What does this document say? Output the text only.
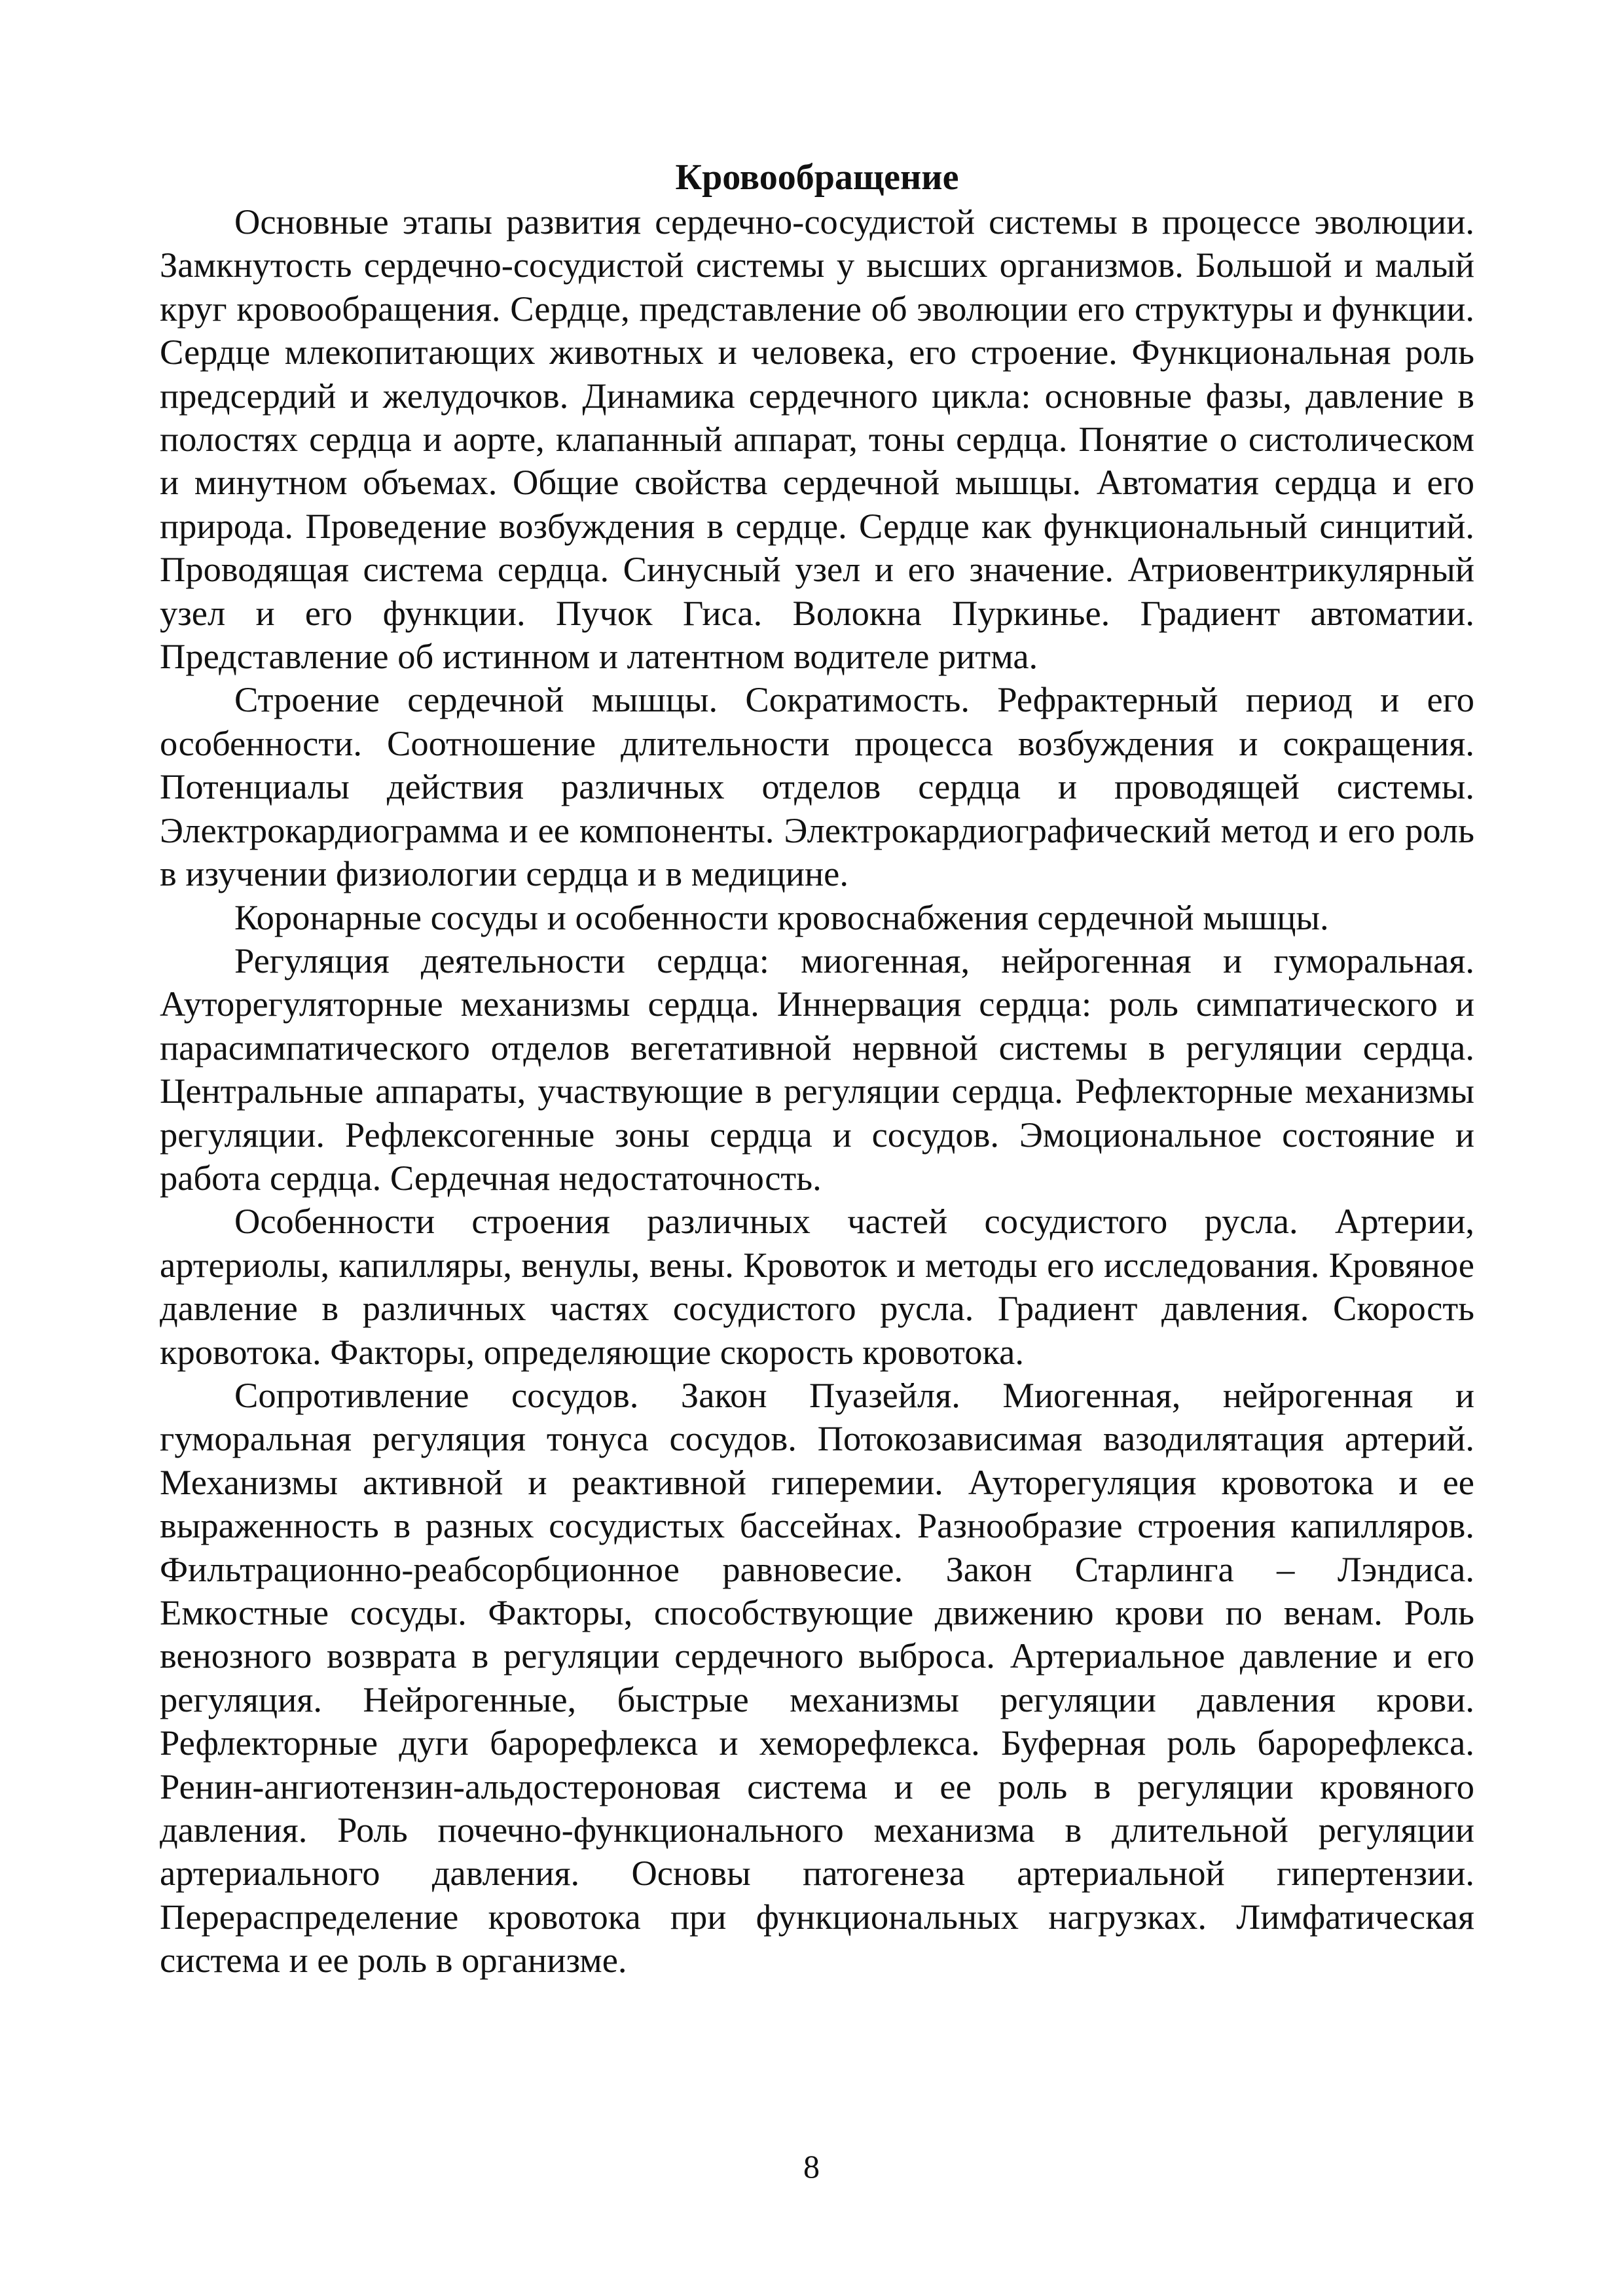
Кровообращение

Основные этапы развития сердечно-сосудистой системы в процессе эволюции. Замкнутость сердечно-сосудистой системы у высших организмов. Большой и малый круг кровообращения. Сердце, представление об эволюции его структуры и функции. Сердце млекопитающих животных и человека, его строение. Функциональная роль предсердий и желудочков. Динамика сердечного цикла: основные фазы, давление в полостях сердца и аорте, клапанный аппарат, тоны сердца. Понятие о систолическом и минутном объемах. Общие свойства сердечной мышцы. Автоматия сердца и его природа. Проведение возбуждения в сердце. Сердце как функциональный синцитий. Проводящая система сердца. Синусный узел и его значение. Атриовентрикулярный узел и его функции. Пучок Гиса. Волокна Пуркинье. Градиент автоматии. Представление об истинном и латентном водителе ритма.

Строение сердечной мышцы. Сократимость. Рефрактерный период и его особенности. Соотношение длительности процесса возбуждения и сокращения. Потенциалы действия различных отделов сердца и проводящей системы. Электрокардиограмма и ее компоненты. Электрокардиографический метод и его роль в изучении физиологии сердца и в медицине.

Коронарные сосуды и особенности кровоснабжения сердечной мышцы.

Регуляция деятельности сердца: миогенная, нейрогенная и гуморальная. Ауторегуляторные механизмы сердца. Иннервация сердца: роль симпатического и парасимпатического отделов вегетативной нервной системы в регуляции сердца. Центральные аппараты, участвующие в регуляции сердца. Рефлекторные механизмы регуляции. Рефлексогенные зоны сердца и сосудов. Эмоциональное состояние и работа сердца. Сердечная недостаточность.

Особенности строения различных частей сосудистого русла. Артерии, артериолы, капилляры, венулы, вены. Кровоток и методы его исследования. Кровяное давление в различных частях сосудистого русла. Градиент давления. Скорость кровотока. Факторы, определяющие скорость кровотока.

Сопротивление сосудов. Закон Пуазейля. Миогенная, нейрогенная и гуморальная регуляция тонуса сосудов. Потокозависимая вазодилятация артерий. Механизмы активной и реактивной гиперемии. Ауторегуляция кровотока и ее выраженность в разных сосудистых бассейнах. Разнообразие строения капилляров. Фильтрационно-реабсорбционное равновесие. Закон Старлинга – Лэндиса. Емкостные сосуды. Факторы, способствующие движению крови по венам. Роль венозного возврата в регуляции сердечного выброса. Артериальное давление и его регуляция. Нейрогенные, быстрые механизмы регуляции давления крови. Рефлекторные дуги барорефлекса и хеморефлекса. Буферная роль барорефлекса. Ренин-ангиотензин-альдостероновая система и ее роль в регуляции кровяного давления. Роль почечно-функционального механизма в длительной регуляции артериального давления. Основы патогенеза артериальной гипертензии. Перераспределение кровотока при функциональных нагрузках. Лимфатическая система и ее роль в организме.

8
